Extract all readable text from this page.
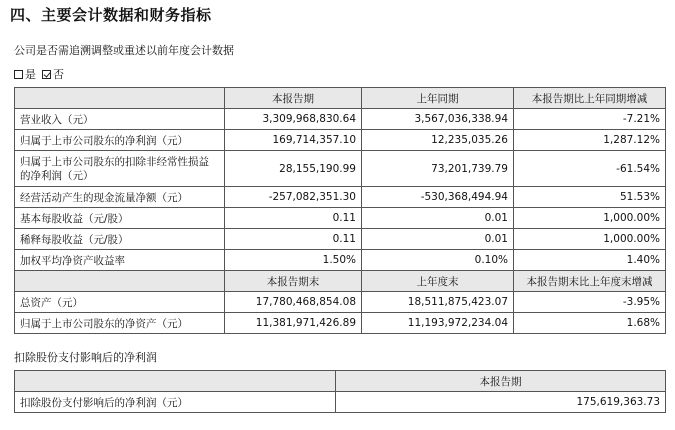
四、主要会计数据和财务指标
公司是否需追溯调整或重述以前年度会计数据
是 否
	本报告期	上年同期	本报告期比上年同期增减
营业收入（元）	3,309,968,830.64	3,567,036,338.94	-7.21%
归属于上市公司股东的净利润（元）	169,714,357.10	12,235,035.26	1,287.12%
归属于上市公司股东的扣除非经常性损益的净利润（元）	28,155,190.99	73,201,739.79	-61.54%
经营活动产生的现金流量净额（元）	-257,082,351.30	-530,368,494.94	51.53%
基本每股收益（元/股）	0.11	0.01	1,000.00%
稀释每股收益（元/股）	0.11	0.01	1,000.00%
加权平均净资产收益率	1.50%	0.10%	1.40%
	本报告期末	上年度末	本报告期末比上年度末增减
总资产（元）	17,780,468,854.08	18,511,875,423.07	-3.95%
归属于上市公司股东的净资产（元）	11,381,971,426.89	11,193,972,234.04	1.68%
扣除股份支付影响后的净利润
	本报告期
扣除股份支付影响后的净利润（元）	175,619,363.73
